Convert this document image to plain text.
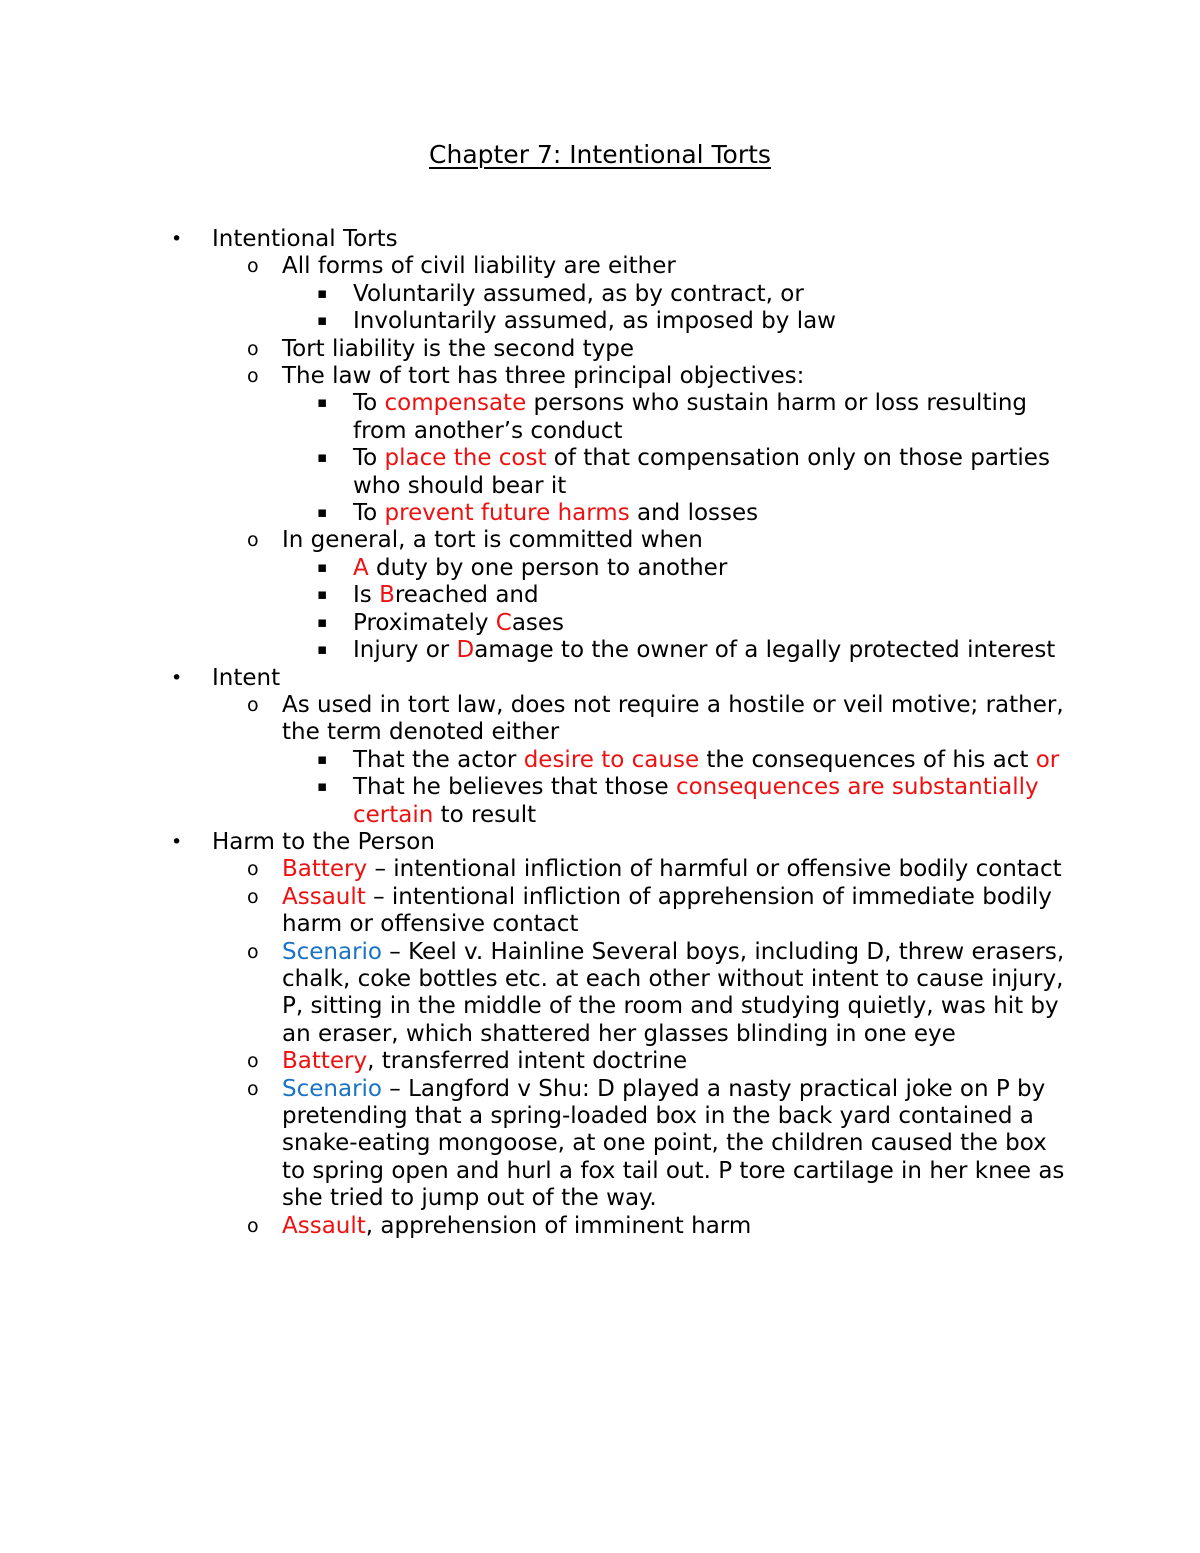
Chapter 7: Intentional Torts
• Intentional Torts
o All forms of civil liability are either
▪ Voluntarily assumed, as by contract, or
▪ Involuntarily assumed, as imposed by law
o Tort liability is the second type
o The law of tort has three principal objectives:
▪ To compensate persons who sustain harm or loss resulting from another’s conduct
▪ To place the cost of that compensation only on those parties who should bear it
▪ To prevent future harms and losses
o In general, a tort is committed when
▪ A duty by one person to another
▪ Is Breached and
▪ Proximately Cases
▪ Injury or Damage to the owner of a legally protected interest
• Intent
o As used in tort law, does not require a hostile or veil motive; rather, the term denoted either
▪ That the actor desire to cause the consequences of his act or
▪ That he believes that those consequences are substantially certain to result
• Harm to the Person
o Battery – intentional infliction of harmful or offensive bodily contact
o Assault – intentional infliction of apprehension of immediate bodily harm or offensive contact
o Scenario – Keel v. Hainline Several boys, including D, threw erasers, chalk, coke bottles etc. at each other without intent to cause injury, P, sitting in the middle of the room and studying quietly, was hit by an eraser, which shattered her glasses blinding in one eye
o Battery, transferred intent doctrine
o Scenario – Langford v Shu: D played a nasty practical joke on P by pretending that a spring-loaded box in the back yard contained a snake-eating mongoose, at one point, the children caused the box to spring open and hurl a fox tail out. P tore cartilage in her knee as she tried to jump out of the way.
o Assault, apprehension of imminent harm
